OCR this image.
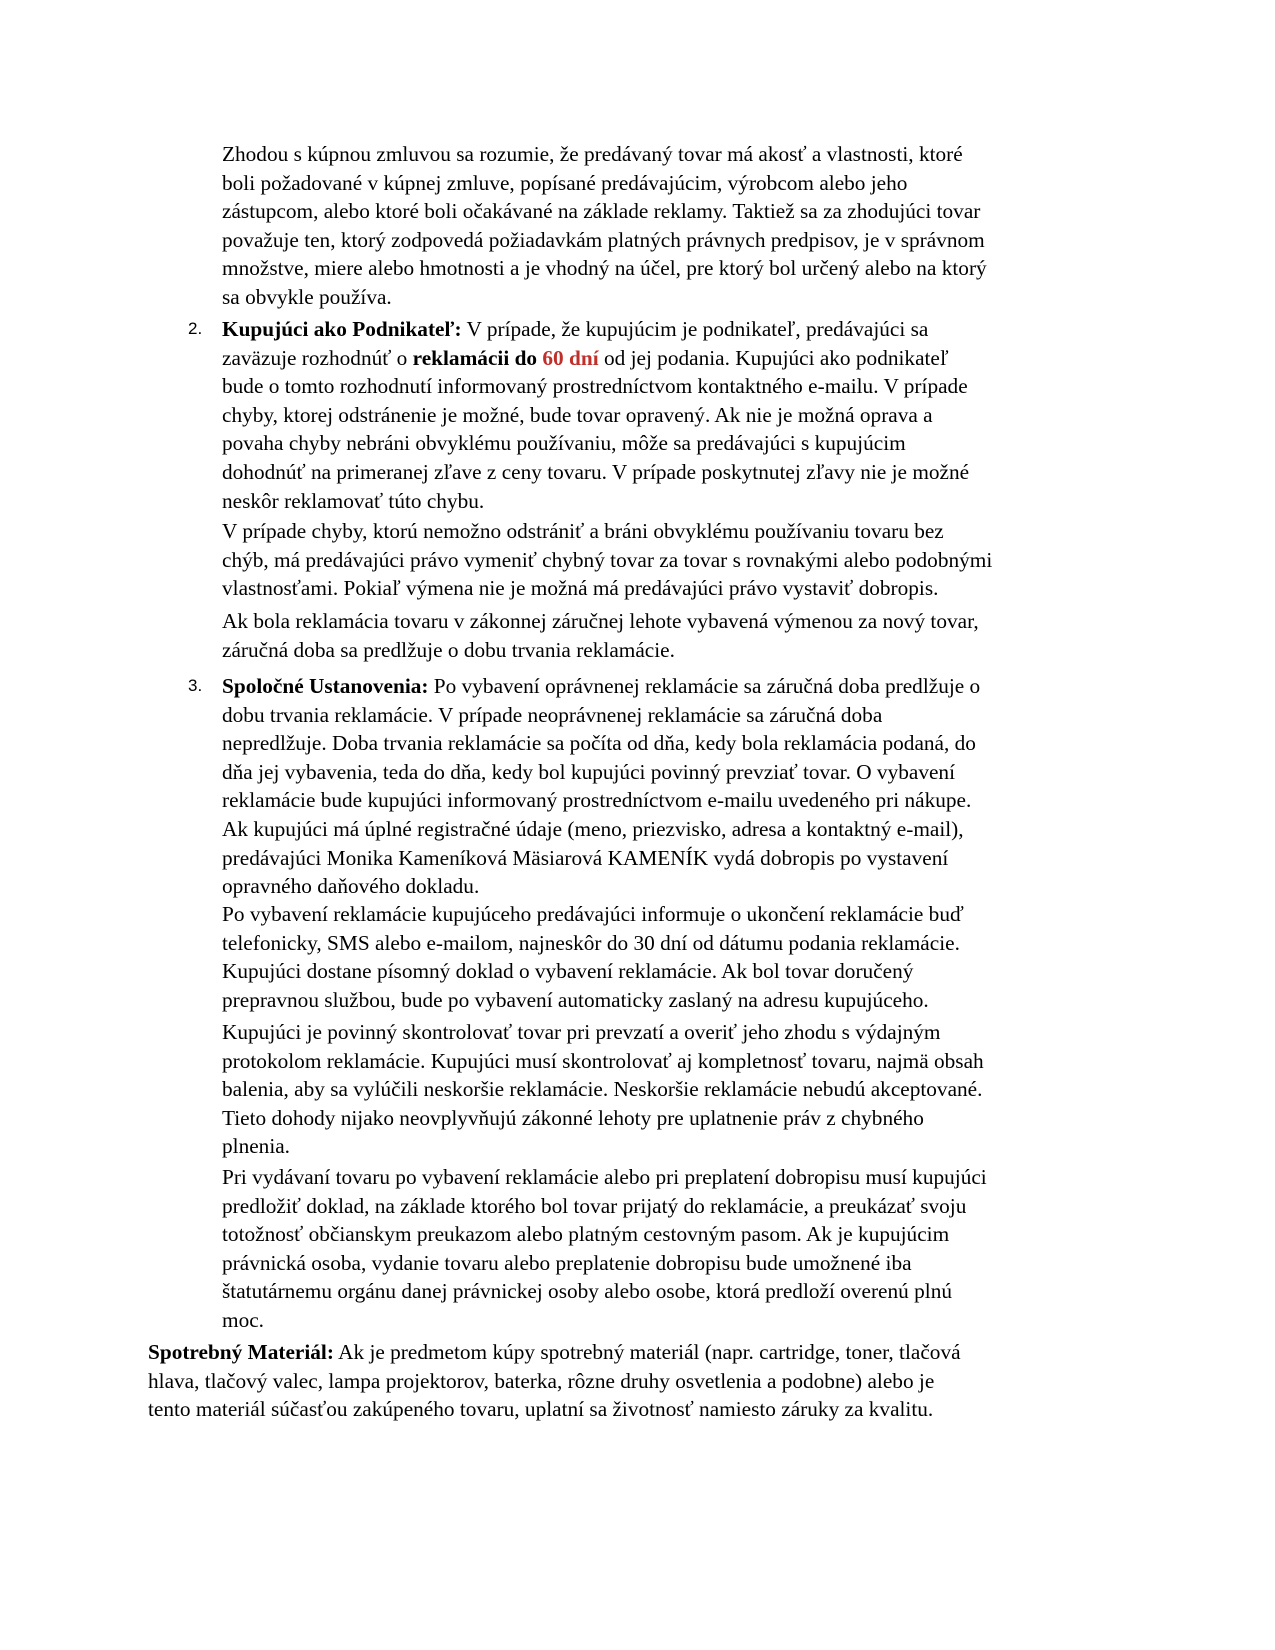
Zhodou s kúpnou zmluvou sa rozumie, že predávaný tovar má akosť a vlastnosti, ktoré
boli požadované v kúpnej zmluve, popísané predávajúcim, výrobcom alebo jeho
zástupcom, alebo ktoré boli očakávané na základe reklamy. Taktiež sa za zhodujúci tovar
považuje ten, ktorý zodpovedá požiadavkám platných právnych predpisov, je v správnom
množstve, miere alebo hmotnosti a je vhodný na účel, pre ktorý bol určený alebo na ktorý
sa obvykle používa.
2. Kupujúci ako Podnikateľ: V prípade, že kupujúcim je podnikateľ, predávajúci sa
zaväzuje rozhodnúť o reklamácii do 60 dní od jej podania. Kupujúci ako podnikateľ
bude o tomto rozhodnutí informovaný prostredníctvom kontaktného e-mailu. V prípade
chyby, ktorej odstránenie je možné, bude tovar opravený. Ak nie je možná oprava a
povaha chyby nebráni obvyklému používaniu, môže sa predávajúci s kupujúcim
dohodnúť na primeranej zľave z ceny tovaru. V prípade poskytnutej zľavy nie je možné
neskôr reklamovať túto chybu.
V prípade chyby, ktorú nemožno odstrániť a bráni obvyklému používaniu tovaru bez
chýb, má predávajúci právo vymeniť chybný tovar za tovar s rovnakými alebo podobnými
vlastnosťami. Pokiaľ výmena nie je možná má predávajúci právo vystaviť dobropis.
Ak bola reklamácia tovaru v zákonnej záručnej lehote vybavená výmenou za nový tovar,
záručná doba sa predlžuje o dobu trvania reklamácie.
3. Spoločné Ustanovenia: Po vybavení oprávnenej reklamácie sa záručná doba predlžuje o
dobu trvania reklamácie. V prípade neoprávnenej reklamácie sa záručná doba
nepredlžuje. Doba trvania reklamácie sa počíta od dňa, kedy bola reklamácia podaná, do
dňa jej vybavenia, teda do dňa, kedy bol kupujúci povinný prevziať tovar. O vybavení
reklamácie bude kupujúci informovaný prostredníctvom e-mailu uvedeného pri nákupe.
Ak kupujúci má úplné registračné údaje (meno, priezvisko, adresa a kontaktný e-mail),
predávajúci Monika Kameníková Mäsiarová KAMENÍK vydá dobropis po vystavení
opravného daňového dokladu.
Po vybavení reklamácie kupujúceho predávajúci informuje o ukončení reklamácie buď
telefonicky, SMS alebo e-mailom, najneskôr do 30 dní od dátumu podania reklamácie.
Kupujúci dostane písomný doklad o vybavení reklamácie. Ak bol tovar doručený
prepravnou službou, bude po vybavení automaticky zaslaný na adresu kupujúceho.
Kupujúci je povinný skontrolovať tovar pri prevzatí a overiť jeho zhodu s výdajným
protokolom reklamácie. Kupujúci musí skontrolovať aj kompletnosť tovaru, najmä obsah
balenia, aby sa vylúčili neskoršie reklamácie. Neskoršie reklamácie nebudú akceptované.
Tieto dohody nijako neovplyvňujú zákonné lehoty pre uplatnenie práv z chybného
plnenia.
Pri vydávaní tovaru po vybavení reklamácie alebo pri preplatení dobropisu musí kupujúci
predložiť doklad, na základe ktorého bol tovar prijatý do reklamácie, a preukázať svoju
totožnosť občianskym preukazom alebo platným cestovným pasom. Ak je kupujúcim
právnická osoba, vydanie tovaru alebo preplatenie dobropisu bude umožnené iba
štatutárnemu orgánu danej právnickej osoby alebo osobe, ktorá predloží overenú plnú
moc.
Spotrebný Materiál: Ak je predmetom kúpy spotrebný materiál (napr. cartridge, toner, tlačová
hlava, tlačový valec, lampa projektorov, baterka, rôzne druhy osvetlenia a podobne) alebo je
tento materiál súčasťou zakúpeného tovaru, uplatní sa životnosť namiesto záruky za kvalitu.
